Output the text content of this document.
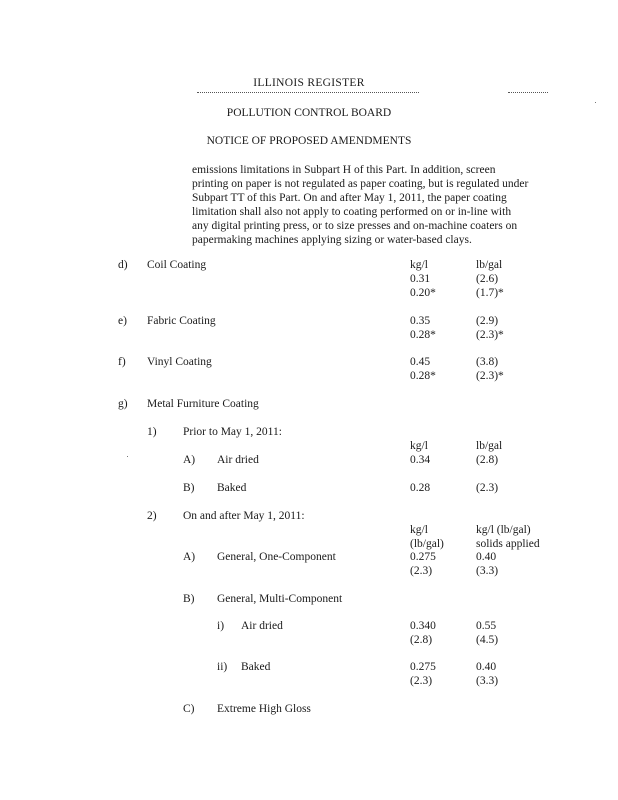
ILLINOIS REGISTER
POLLUTION CONTROL BOARD
NOTICE OF PROPOSED AMENDMENTS
emissions limitations in Subpart H of this Part. In addition, screen
printing on paper is not regulated as paper coating, but is regulated under
Subpart TT of this Part. On and after May 1, 2011, the paper coating
limitation shall also not apply to coating performed on or in-line with
any digital printing press, or to size presses and on-machine coaters on
papermaking machines applying sizing or water-based clays.
d) Coil Coating	kg/l	lb/gal
0.31	(2.6)
0.20*	(1.7)*
e) Fabric Coating	0.35	(2.9)
0.28*	(2.3)*
f) Vinyl Coating	0.45	(3.8)
0.28*	(2.3)*
g) Metal Furniture Coating
1) Prior to May 1, 2011:
kg/l	lb/gal
A) Air dried	0.34	(2.8)
B) Baked	0.28	(2.3)
2) On and after May 1, 2011:
kg/l	kg/l (lb/gal)
(lb/gal)	solids applied
A) General, One-Component	0.275	0.40
(2.3)	(3.3)
B) General, Multi-Component
i) Air dried	0.340	0.55
(2.8)	(4.5)
ii) Baked	0.275	0.40
(2.3)	(3.3)
C) Extreme High Gloss
